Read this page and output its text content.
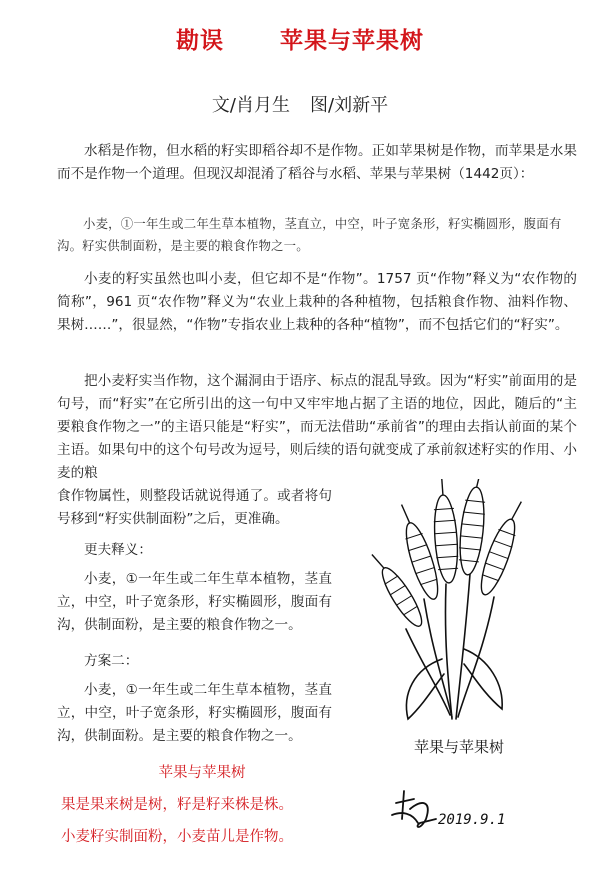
勘误 苹果与苹果树
文/肖月生 图/刘新平
水稻是作物，但水稻的籽实即稻谷却不是作物。正如苹果树是作物，而苹果是水果而不是作物一个道理。但现汉却混淆了稻谷与水稻、苹果与苹果树（1442页）：
小麦，①一年生或二年生草本植物，茎直立，中空，叶子宽条形，籽实椭圆形，腹面有沟。籽实供制面粉，是主要的粮食作物之一。
小麦的籽实虽然也叫小麦，但它却不是“作物”。1757 页“作物”释义为“农作物的简称”，961 页“农作物”释义为“农业上栽种的各种植物，包括粮食作物、油料作物、果树……”，很显然，“作物”专指农业上栽种的各种“植物”，而不包括它们的“籽实”。
把小麦籽实当作物，这个漏洞由于语序、标点的混乱导致。因为“籽实”前面用的是句号，而“籽实”在它所引出的这一句中又牢牢地占据了主语的地位，因此，随后的“主要粮食作物之一”的主语只能是“籽实”，而无法借助“承前省”的理由去指认前面的某个主语。如果句中的这个句号改为逗号，则后续的语句就变成了承前叙述籽实的作用、小麦的粮
食作物属性，则整段话就说得通了。或者将句号移到“籽实供制面粉”之后，更准确。
更夫释义：
小麦，①一年生或二年生草本植物，茎直立，中空，叶子宽条形，籽实椭圆形，腹面有沟，供制面粉，是主要的粮食作物之一。
方案二：
小麦，①一年生或二年生草本植物，茎直立，中空，叶子宽条形，籽实椭圆形，腹面有沟，供制面粉。是主要的粮食作物之一。
苹果与苹果树
果是果来树是树，籽是籽来株是株。
小麦籽实制面粉，小麦苗儿是作物。
苹果与苹果树
2019.9.1
